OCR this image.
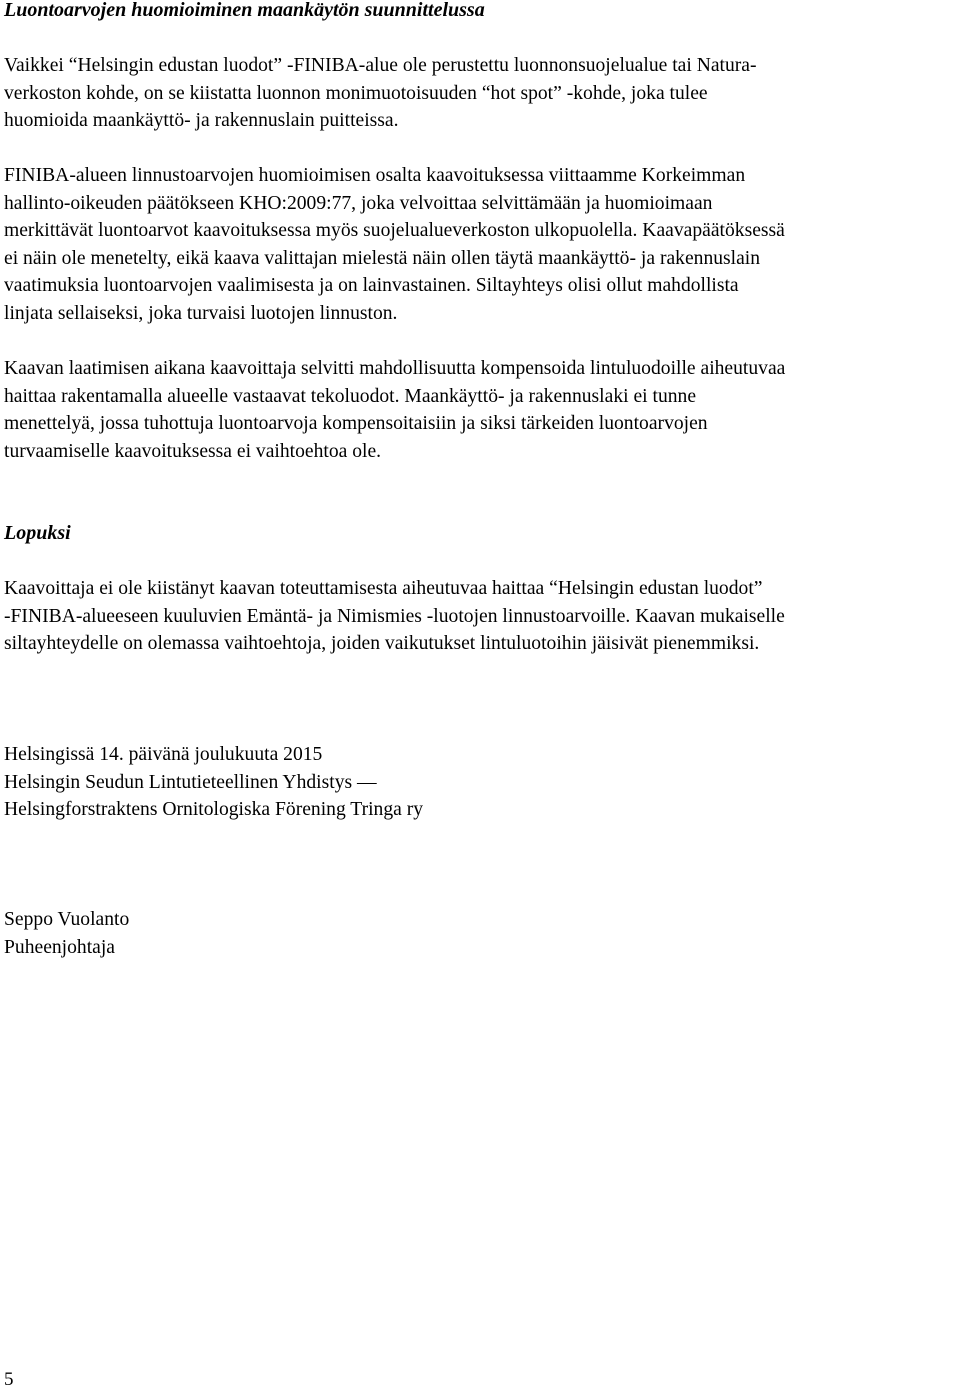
Luontoarvojen huomioiminen maankäytön suunnittelussa

Vaikkei “Helsingin edustan luodot” -FINIBA-alue ole perustettu luonnonsuojelualue tai Natura-
verkoston kohde, on se kiistatta luonnon monimuotoisuuden “hot spot” -kohde, joka tulee
huomioida maankäyttö- ja rakennuslain puitteissa.

FINIBA-alueen linnustoarvojen huomioimisen osalta kaavoituksessa viittaamme Korkeimman
hallinto-oikeuden päätökseen KHO:2009:77, joka velvoittaa selvittämään ja huomioimaan
merkittävät luontoarvot kaavoituksessa myös suojelualueverkoston ulkopuolella. Kaavapäätöksessä
ei näin ole menetelty, eikä kaava valittajan mielestä näin ollen täytä maankäyttö- ja rakennuslain
vaatimuksia luontoarvojen vaalimisesta ja on lainvastainen. Siltayhteys olisi ollut mahdollista
linjata sellaiseksi, joka turvaisi luotojen linnuston.

Kaavan laatimisen aikana kaavoittaja selvitti mahdollisuutta kompensoida lintuluodoille aiheutuvaa
haittaa rakentamalla alueelle vastaavat tekoluodot. Maankäyttö- ja rakennuslaki ei tunne
menettelyä, jossa tuhottuja luontoarvoja kompensoitaisiin ja siksi tärkeiden luontoarvojen
turvaamiselle kaavoituksessa ei vaihtoehtoa ole.

Lopuksi

Kaavoittaja ei ole kiistänyt kaavan toteuttamisesta aiheutuvaa haittaa “Helsingin edustan luodot”
-FINIBA-alueeseen kuuluvien Emäntä- ja Nimismies -luotojen linnustoarvoille. Kaavan mukaiselle
siltayhteydelle on olemassa vaihtoehtoja, joiden vaikutukset lintuluotoihin jäisivät pienemmiksi.

Helsingissä 14. päivänä joulukuuta 2015
Helsingin Seudun Lintutieteellinen Yhdistys —
Helsingforstraktens Ornitologiska Förening Tringa ry

Seppo Vuolanto
Puheenjohtaja

5
